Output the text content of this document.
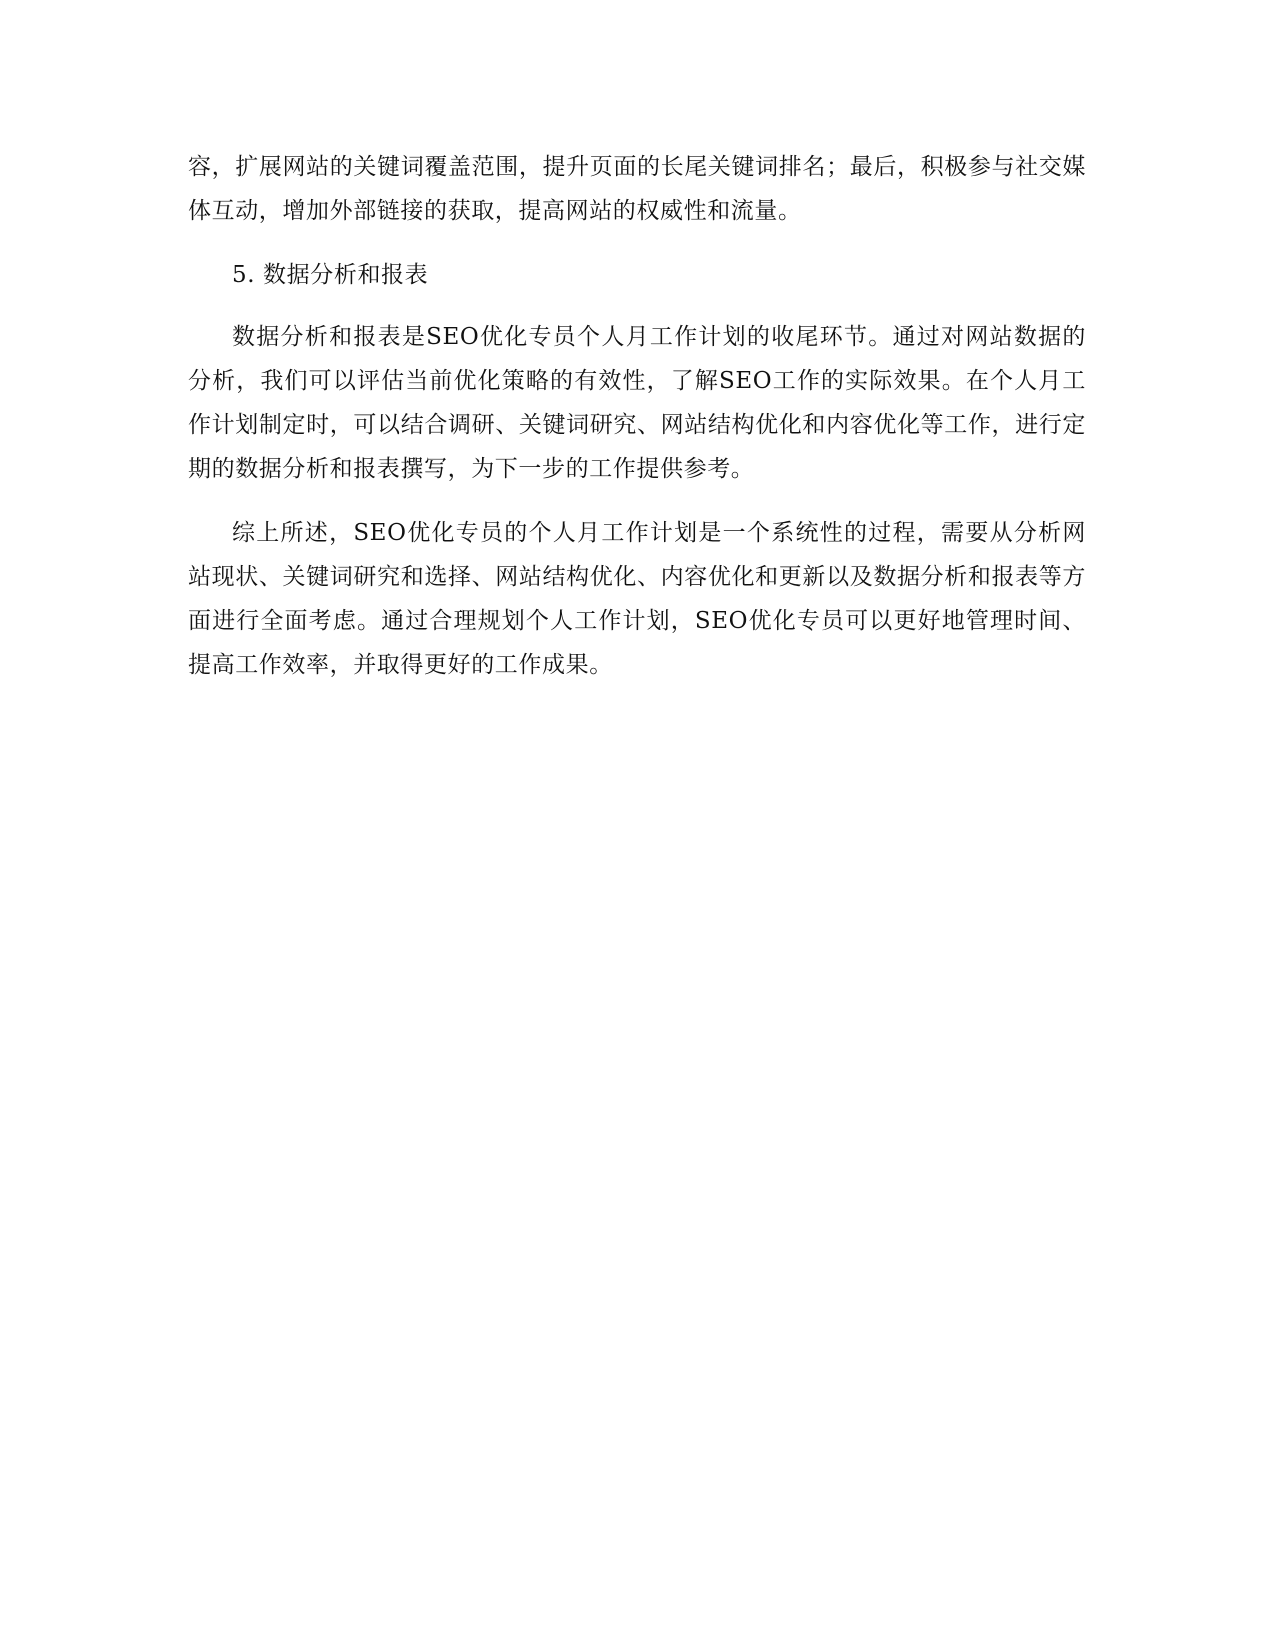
容，扩展网站的关键词覆盖范围，提升页面的长尾关键词排名；最后，积极参与社交媒体互动，增加外部链接的获取，提高网站的权威性和流量。

5. 数据分析和报表

数据分析和报表是SEO优化专员个人月工作计划的收尾环节。通过对网站数据的分析，我们可以评估当前优化策略的有效性，了解SEO工作的实际效果。在个人月工作计划制定时，可以结合调研、关键词研究、网站结构优化和内容优化等工作，进行定期的数据分析和报表撰写，为下一步的工作提供参考。

综上所述，SEO优化专员的个人月工作计划是一个系统性的过程，需要从分析网站现状、关键词研究和选择、网站结构优化、内容优化和更新以及数据分析和报表等方面进行全面考虑。通过合理规划个人工作计划，SEO优化专员可以更好地管理时间、提高工作效率，并取得更好的工作成果。
